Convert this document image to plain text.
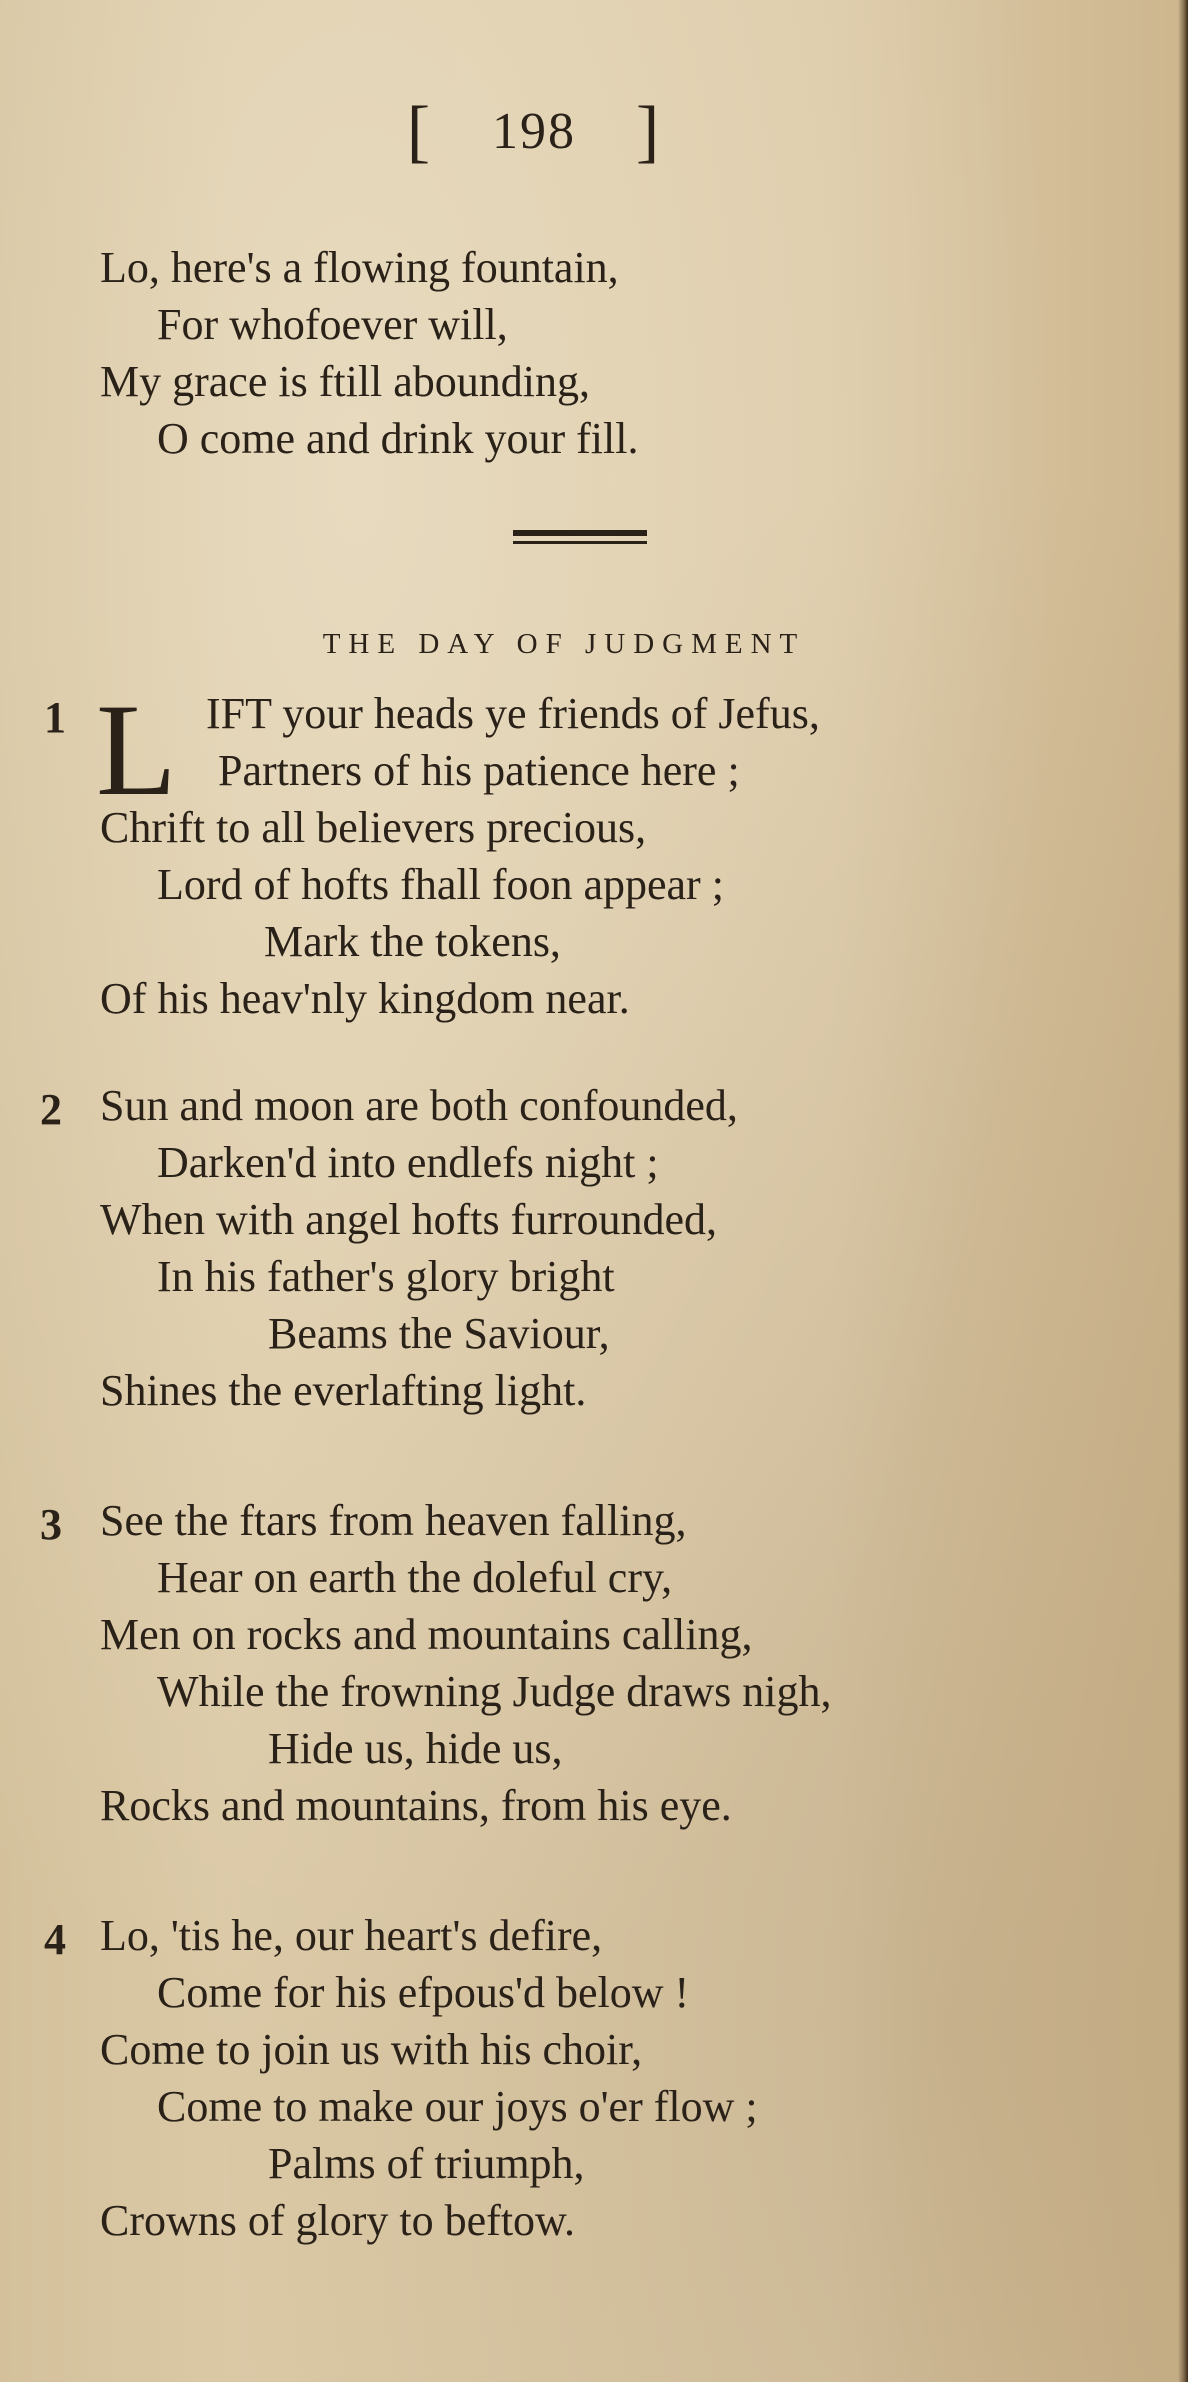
[ 198 ]
Lo, here's a flowing fountain,
For whofoever will,
My grace is ftill abounding,
O come and drink your fill.
THE DAY OF JUDGMENT
1 L IFT your heads ye friends of Jefus,
Partners of his patience here ;
Chrift to all believers precious,
Lord of hofts fhall foon appear ;
Mark the tokens,
Of his heav'nly kingdom near.
2 Sun and moon are both confounded,
Darken'd into endlefs night ;
When with angel hofts furrounded,
In his father's glory bright
Beams the Saviour,
Shines the everlafting light.
3 See the ftars from heaven falling,
Hear on earth the doleful cry,
Men on rocks and mountains calling,
While the frowning Judge draws nigh,
Hide us, hide us,
Rocks and mountains, from his eye.
4 Lo, 'tis he, our heart's defire,
Come for his efpous'd below !
Come to join us with his choir,
Come to make our joys o'er flow ;
Palms of triumph,
Crowns of glory to beftow.
